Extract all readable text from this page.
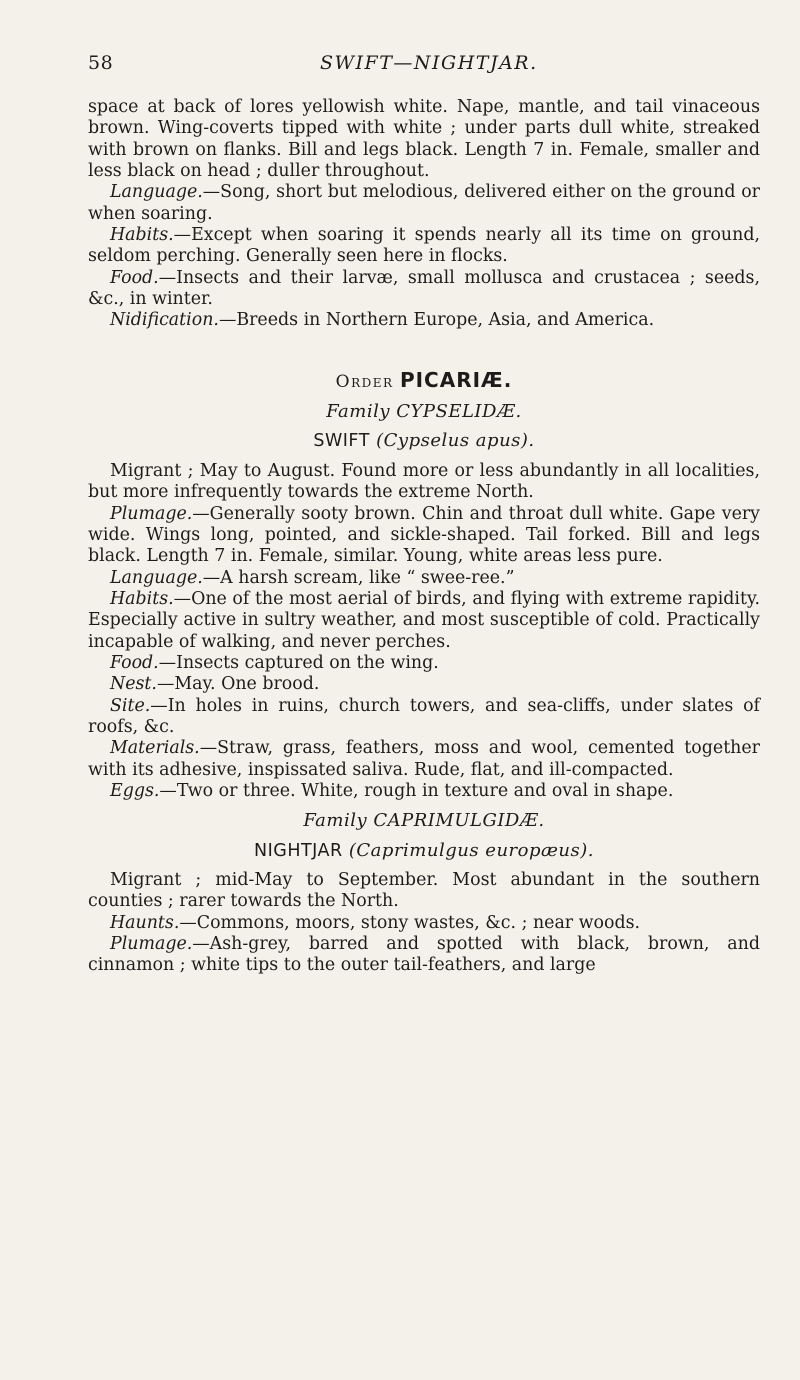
58	SWIFT—NIGHTJAR.

space at back of lores yellowish white. Nape, mantle, and tail vinaceous brown. Wing-coverts tipped with white ; under parts dull white, streaked with brown on flanks. Bill and legs black. Length 7 in. Female, smaller and less black on head ; duller throughout.

Language.—Song, short but melodious, delivered either on the ground or when soaring.

Habits.—Except when soaring it spends nearly all its time on ground, seldom perching. Generally seen here in flocks.

Food.—Insects and their larvæ, small mollusca and crustacea ; seeds, &c., in winter.

Nidification.—Breeds in Northern Europe, Asia, and America.

Order PICARIÆ.

Family CYPSELIDÆ.

SWIFT (Cypselus apus).

Migrant ; May to August. Found more or less abundantly in all localities, but more infrequently towards the extreme North.

Plumage.—Generally sooty brown. Chin and throat dull white. Gape very wide. Wings long, pointed, and sickle-shaped. Tail forked. Bill and legs black. Length 7 in. Female, similar. Young, white areas less pure.

Language.—A harsh scream, like “ swee-ree.”

Habits.—One of the most aerial of birds, and flying with extreme rapidity. Especially active in sultry weather, and most susceptible of cold. Practically incapable of walking, and never perches.

Food.—Insects captured on the wing.

Nest.—May. One brood.

Site.—In holes in ruins, church towers, and sea-cliffs, under slates of roofs, &c.

Materials.—Straw, grass, feathers, moss and wool, cemented together with its adhesive, inspissated saliva. Rude, flat, and ill-compacted.

Eggs.—Two or three. White, rough in texture and oval in shape.

Family CAPRIMULGIDÆ.

NIGHTJAR (Caprimulgus europæus).

Migrant ; mid-May to September. Most abundant in the southern counties ; rarer towards the North.

Haunts.—Commons, moors, stony wastes, &c. ; near woods.

Plumage.—Ash-grey, barred and spotted with black, brown, and cinnamon ; white tips to the outer tail-feathers, and large
